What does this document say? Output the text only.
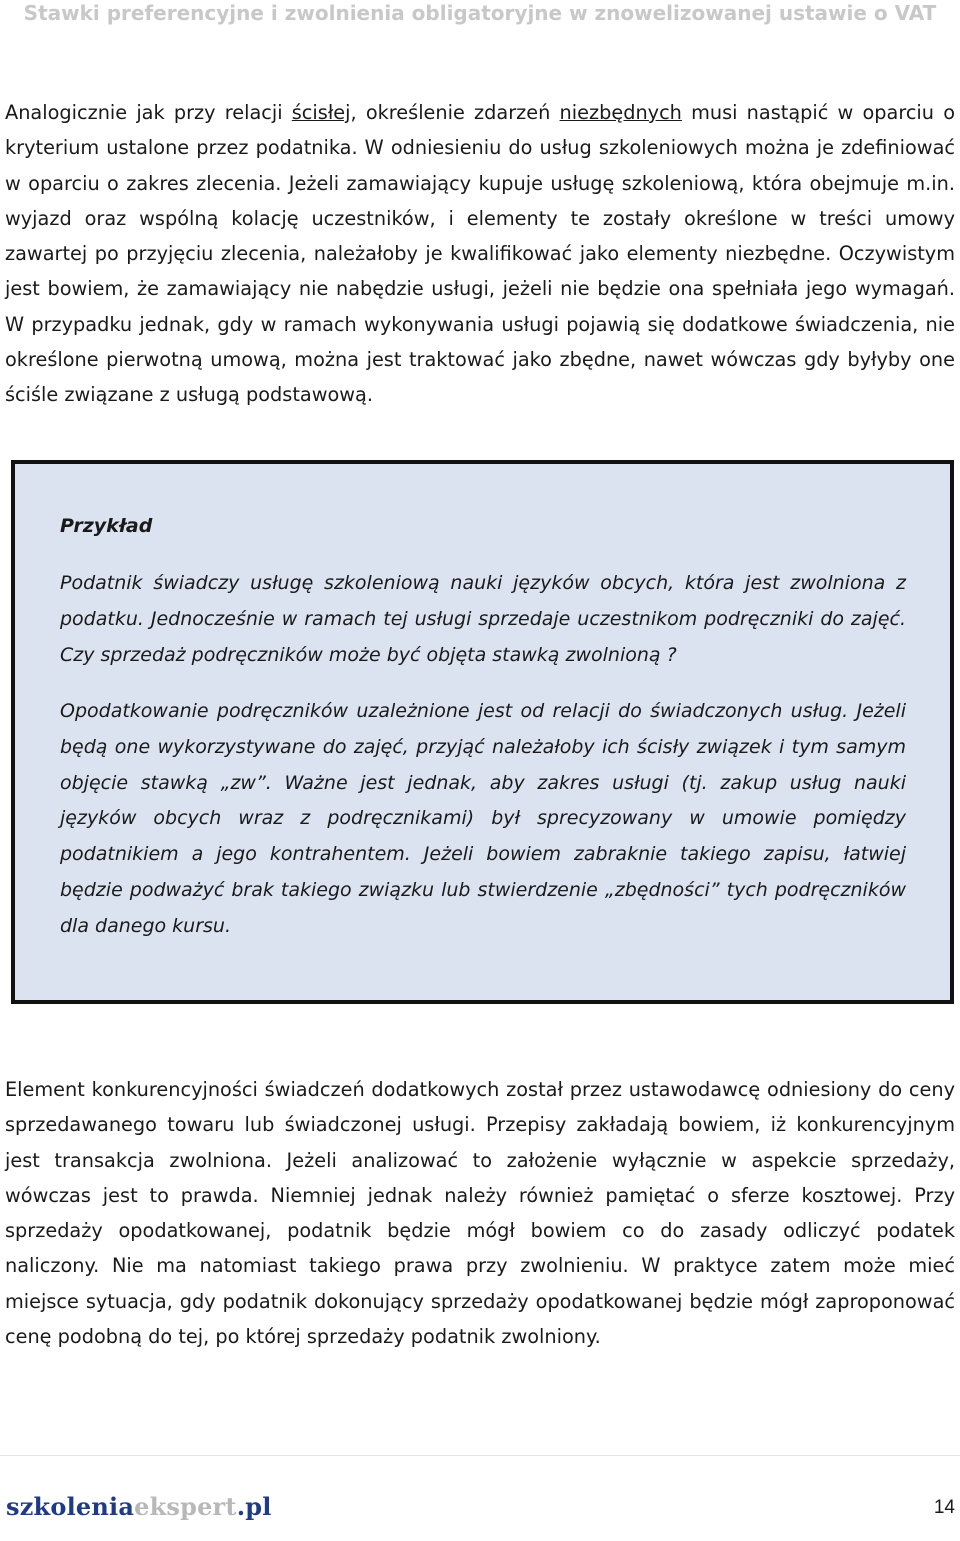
Stawki preferencyjne i zwolnienia obligatoryjne w znowelizowanej ustawie o VAT
Analogicznie jak przy relacji ścisłej, określenie zdarzeń niezbędnych musi nastąpić w oparciu o kryterium ustalone przez podatnika. W odniesieniu do usług szkoleniowych można je zdefiniować w oparciu o zakres zlecenia. Jeżeli zamawiający kupuje usługę szkoleniową, która obejmuje m.in. wyjazd oraz wspólną kolację uczestników, i elementy te zostały określone w treści umowy zawartej po przyjęciu zlecenia, należałoby je kwalifikować jako elementy niezbędne. Oczywistym jest bowiem, że zamawiający nie nabędzie usługi, jeżeli nie będzie ona spełniała jego wymagań. W przypadku jednak, gdy w ramach wykonywania usługi pojawią się dodatkowe świadczenia, nie określone pierwotną umową, można jest traktować jako zbędne, nawet wówczas gdy byłyby one ściśle związane z usługą podstawową.
Przykład
Podatnik świadczy usługę szkoleniową nauki języków obcych, która jest zwolniona z podatku. Jednocześnie w ramach tej usługi sprzedaje uczestnikom podręczniki do zajęć. Czy sprzedaż podręczników może być objęta stawką zwolnioną ?
Opodatkowanie podręczników uzależnione jest od relacji do świadczonych usług. Jeżeli będą one wykorzystywane do zajęć, przyjąć należałoby ich ścisły związek i tym samym objęcie stawką „zw”. Ważne jest jednak, aby zakres usługi (tj. zakup usług nauki języków obcych wraz z podręcznikami) był sprecyzowany w umowie pomiędzy podatnikiem a jego kontrahentem. Jeżeli bowiem zabraknie takiego zapisu, łatwiej będzie podważyć brak takiego związku lub stwierdzenie „zbędności” tych podręczników dla danego kursu.
Element konkurencyjności świadczeń dodatkowych został przez ustawodawcę odniesiony do ceny sprzedawanego towaru lub świadczonej usługi. Przepisy zakładają bowiem, iż konkurencyjnym jest transakcja zwolniona. Jeżeli analizować to założenie wyłącznie w aspekcie sprzedaży, wówczas jest to prawda. Niemniej jednak należy również pamiętać o sferze kosztowej. Przy sprzedaży opodatkowanej, podatnik będzie mógł bowiem co do zasady odliczyć podatek naliczony. Nie ma natomiast takiego prawa przy zwolnieniu. W praktyce zatem może mieć miejsce sytuacja, gdy podatnik dokonujący sprzedaży opodatkowanej będzie mógł zaproponować cenę podobną do tej, po której sprzedaży podatnik zwolniony.
szkoleniaekspert.pl	14
